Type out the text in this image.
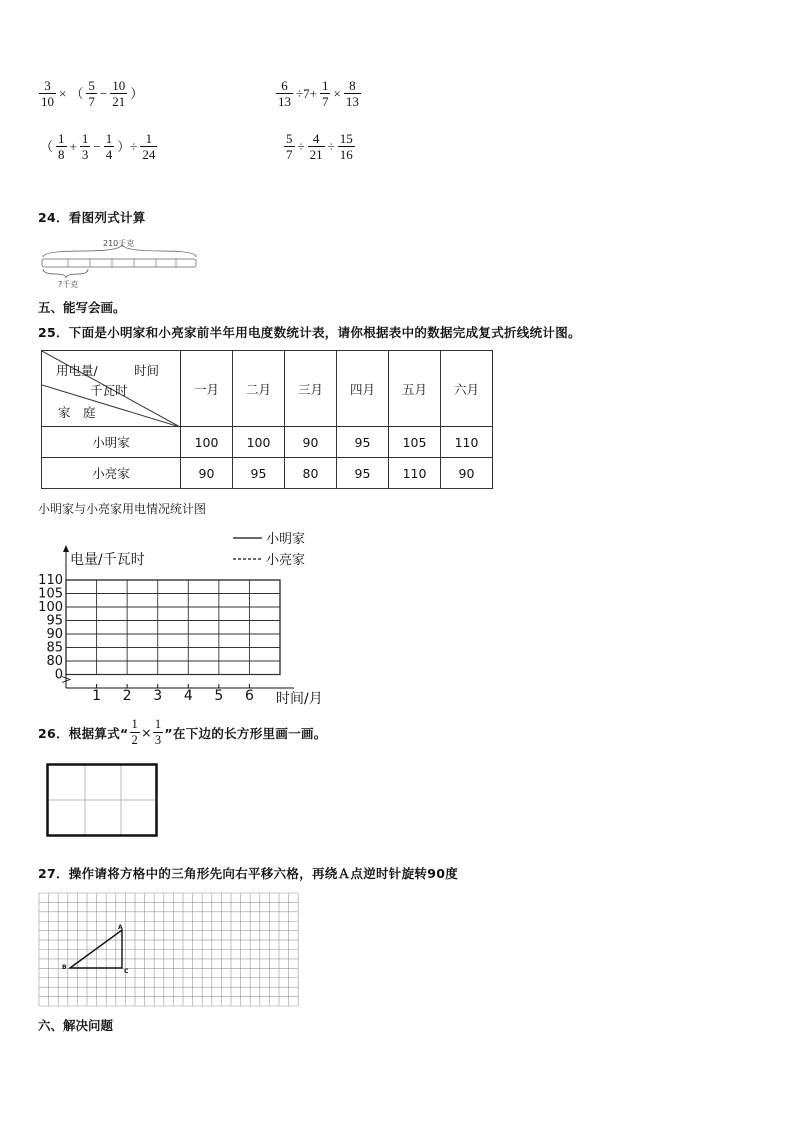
$\frac{3}{10}$ × （ $\frac{5}{7} - \frac{10}{21}$ ）	$\frac{6}{13} \div 7+ \frac{1}{7} \times \frac{8}{13}$
（ $\frac{1}{8} + \frac{1}{3} - \frac{1}{4}$ ）÷ $\frac{1}{24}$	$\frac{5}{7} \div \frac{4}{21} \div \frac{15}{16}$
24．看图列式计算
210千克
?千克
五、能写会画。
25．下面是小明家和小亮家前半年用电度数统计表，请你根据表中的数据完成复式折线统计图。
时间
用电量/
千瓦时
家　庭	一月	二月	三月	四月	五月	六月
小明家	100	100	90	95	105	110
小亮家	90	95	80	95	110	90
小明家与小亮家用电情况统计图
电量/千瓦时
时间/月
小明家
小亮家
110
105
100
95
90
85
80
0
1 2 3 4 5 6
26．根据算式“ $\frac{1}{2} \times \frac{1}{3}$ ”在下边的长方形里画一画。
27．操作请将方格中的三角形先向右平移六格，再绕Ａ点逆时针旋转90度
A
B
C
六、解决问题
